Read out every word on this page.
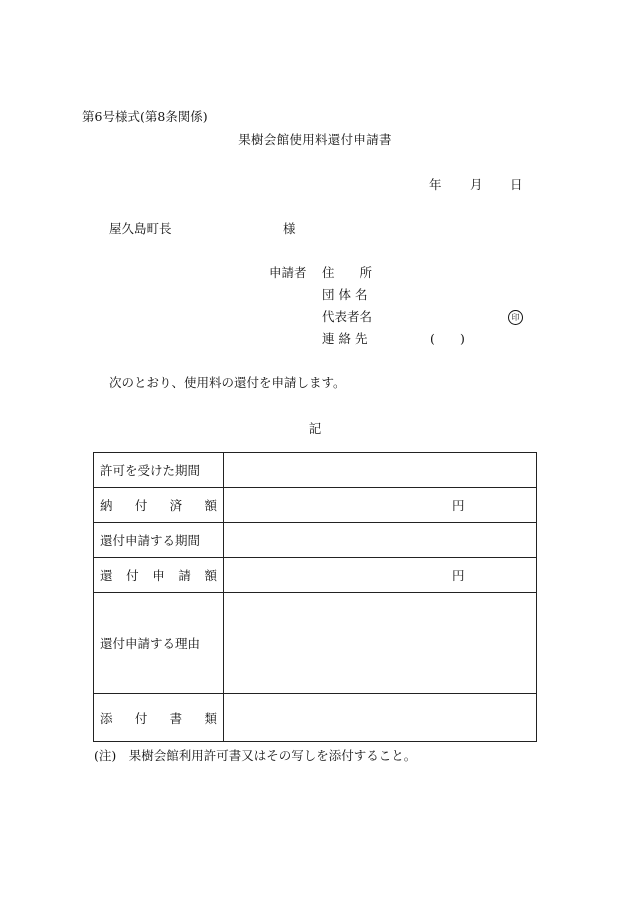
第6号様式(第8条関係)
果樹会館使用料還付申請書
年 月 日
屋久島町長	様
申請者 住　　所
団 体 名
代表者名	印
連 絡 先	( )
次のとおり、使用料の還付を申請します。
記
許可を受けた期間	

納 付 済 額	円

還付申請する期間	

還 付 申 請 額	円

還付申請する理由	

添 付 書 類	

(注)　果樹会館利用許可書又はその写しを添付すること。
